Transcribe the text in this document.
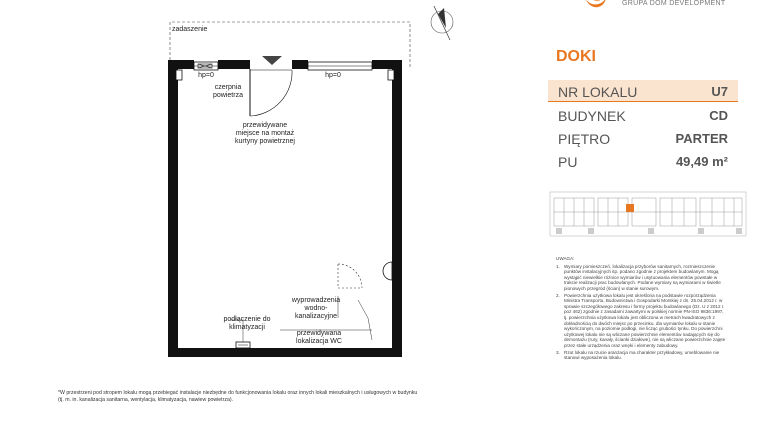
zadaszenie
hp=0	hp=0
czerpnia
powietrza
przewidywane
miejsce na montaż
kurtyny powietrznej
wyprowadzenia
wodno-
kanalizacyjne
przewidywana
lokalizacja WC
podłączenie do
klimatyzacji
GRUPA DOM DEVELOPMENT
DOKI
NR LOKALU	U7
BUDYNEK	CD
PIĘTRO	PARTER
PU	49,49 m²
UWAGA:
1. Wymiary pomieszczeń, lokalizacja przyborów sanitarnych, rozmieszczenie punktów instalacyjnych itp. podano zgodnie z projektem budowlanym. Mogą wystąpić niewielkie różnice wymiarów i usytuowania elementów powstałe w trakcie realizacji prac budowlanych. Podane wymiary są wymiarami w świetle pionowych przegród (ścian) w stanie surowym.
2. Powierzchnia użytkowa lokalu jest określona na podstawie rozporządzenia Ministra Transportu, Budownictwa i Gospodarki Morskiej z dn. 25.04.2012 r. w sprawie szczegółowego zakresu i formy projektu budowlanego (Dz. U z 2012 r. poz 462) zgodnie z zasadami zawartymi w polskiej normie PN-ISO 9836:1997, tj. powierzchnia użytkowa lokalu jest obliczona w metrach kwadratowych z dokładnością do dwóch miejsc po przecinku, dla wymiarów lokalu w stanie wykończonym, na poziomie podłogi, nie licząc grubości tynku. Do powierzchni użytkowej lokalu nie są wliczane powierzchnie elementów nadających się do demontażu (rury, kanały, ścianki działowe), nie są wliczane powierzchnie zajęte przez stałe urządzenia oraz wnęki i elementy zabudowy.
3. Rzut lokalu na rzucie aranżacja ma charakter przykładowy, umeblowanie nie stanowi wyposażenia lokalu.
*W przestrzeni pod stropem lokalu mogą przebiegać instalacje niezbędne do funkcjonowania lokalu oraz innych lokali mieszkalnych i usługowych w budynku (tj. m. in. kanalizacja sanitarna, wentylacja, klimatyzacja, nawiew powietrza).
